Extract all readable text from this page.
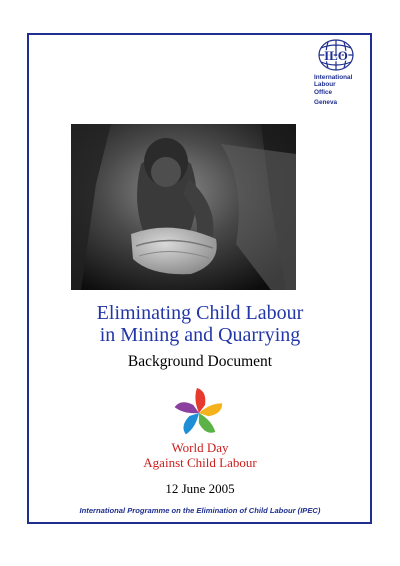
ILO
International
Labour
Office
Geneva
Eliminating Child Labour
in Mining and Quarrying
Background Document
World Day
Against Child Labour
12 June 2005
International Programme on the Elimination of Child Labour (IPEC)
